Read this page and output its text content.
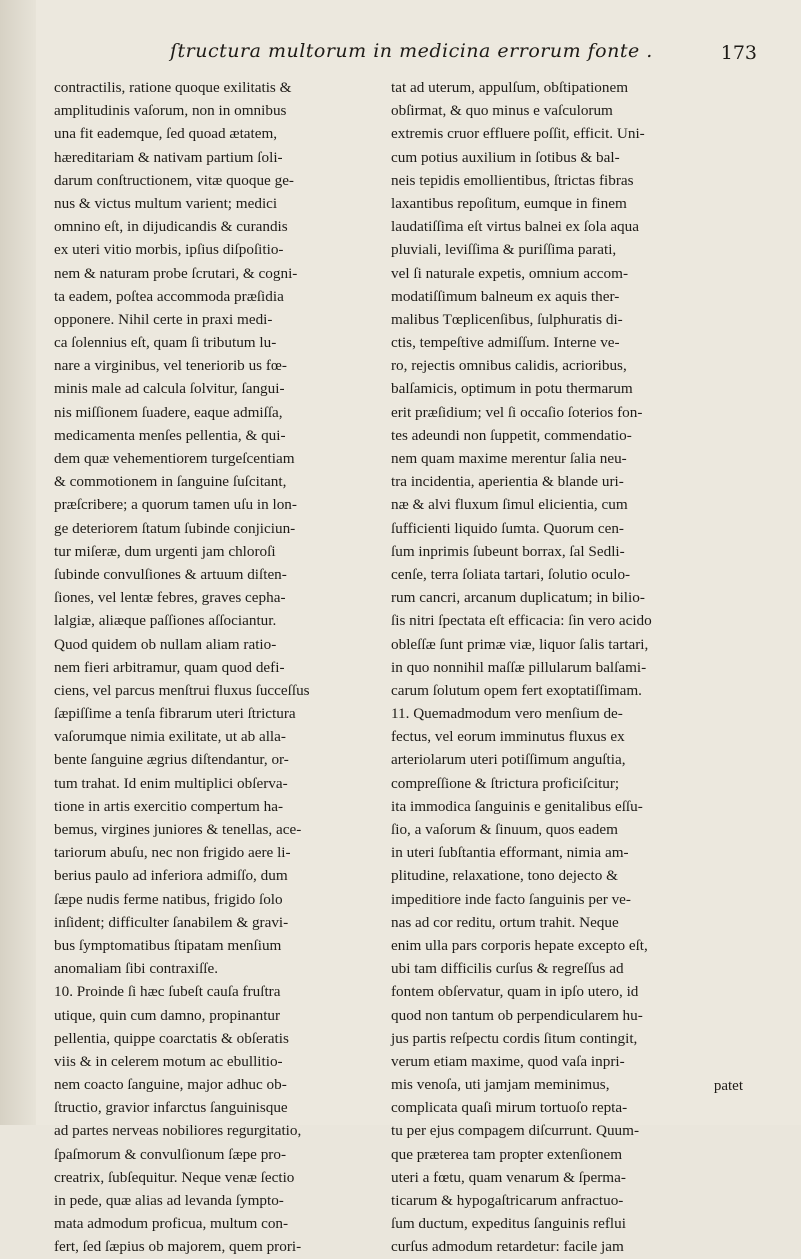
ſtructura multorum in medicina errorum fonte .	173
contractilis, ratione quoque exilitatis &
amplitudinis vaſorum, non in omnibus
una fit eademque, ſed quoad ætatem,
hæreditariam & nativam partium ſoli-
darum conſtructionem, vitæ quoque ge-
nus & victus multum varient; medici
omnino eſt, in dijudicandis & curandis
ex uteri vitio morbis, ipſius diſpoſitio-
nem & naturam probe ſcrutari, & cogni-
ta eadem, poſtea accommoda præſidia
opponere. Nihil certe in praxi medi-
ca ſolennius eſt, quam ſi tributum lu-
nare a virginibus, vel teneriorib us fœ-
minis male ad calcula ſolvitur, ſangui-
nis miſſionem ſuadere, eaque admiſſa,
medicamenta menſes pellentia, & qui-
dem quæ vehementiorem turgeſcentiam
& commotionem in ſanguine ſuſcitant,
præſcribere; a quorum tamen uſu in lon-
ge deteriorem ſtatum ſubinde conjiciun-
tur miſeræ, dum urgenti jam chloroſi
ſubinde convulſiones & artuum diſten-
ſiones, vel lentæ febres, graves cepha-
lalgiæ, aliæque paſſiones aſſociantur.
Quod quidem ob nullam aliam ratio-
nem fieri arbitramur, quam quod defi-
ciens, vel parcus menſtrui fluxus ſucceſſus
ſæpiſſime a tenſa fibrarum uteri ſtrictura
vaſorumque nimia exilitate, ut ab alla-
bente ſanguine ægrius diſtendantur, or-
tum trahat. Id enim multiplici obſerva-
tione in artis exercitio compertum ha-
bemus, virgines juniores & tenellas, ace-
tariorum abuſu, nec non frigido aere li-
berius paulo ad inferiora admiſſo, dum
ſæpe nudis ferme natibus, frigido ſolo
inſident; difficulter ſanabilem & gravi-
bus ſymptomatibus ſtipatam menſium
anomaliam ſibi contraxiſſe.
10. Proinde ſi hæc ſubeſt cauſa fruſtra
utique, quin cum damno, propinantur
pellentia, quippe coarctatis & obſeratis
viis & in celerem motum ac ebullitio-
nem coacto ſanguine, major adhuc ob-
ſtructio, gravior infarctus ſanguinisque
ad partes nerveas nobiliores regurgitatio,
ſpaſmorum & convulſionum ſæpe pro-
creatrix, ſubſequitur. Neque venæ ſectio
in pede, quæ alias ad levanda ſympto-
mata admodum proficua, multum con-
fert, ſed ſæpius ob majorem, quem prori-
tat ad uterum, appulſum, obſtipationem
obſirmat, & quo minus e vaſculorum
extremis cruor effluere poſſit, efficit. Uni-
cum potius auxilium in ſotibus & bal-
neis tepidis emollientibus, ſtrictas fibras
laxantibus repoſitum, eumque in finem
laudatiſſima eſt virtus balnei ex ſola aqua
pluviali, leviſſima & puriſſima parati,
vel ſi naturale expetis, omnium accom-
modatiſſimum balneum ex aquis ther-
malibus Tœplicenſibus, ſulphuratis di-
ctis, tempeſtive admiſſum. Interne ve-
ro, rejectis omnibus calidis, acrioribus,
balſamicis, optimum in potu thermarum
erit præſidium; vel ſi occaſio ſoterios fon-
tes adeundi non ſuppetit, commendatio-
nem quam maxime merentur ſalia neu-
tra incidentia, aperientia & blande uri-
næ & alvi fluxum ſimul elicientia, cum
ſufficienti liquido ſumta. Quorum cen-
ſum inprimis ſubeunt borrax, ſal Sedli-
cenſe, terra ſoliata tartari, ſolutio oculo-
rum cancri, arcanum duplicatum; in bilio-
ſis nitri ſpectata eſt efficacia: ſin vero acido
obleſſæ ſunt primæ viæ, liquor ſalis tartari,
in quo nonnihil maſſæ pillularum balſami-
carum ſolutum opem fert exoptatiſſimam.
11. Quemadmodum vero menſium de-
fectus, vel eorum imminutus fluxus ex
arteriolarum uteri potiſſimum anguſtia,
compreſſione & ſtrictura proficiſcitur;
ita immodica ſanguinis e genitalibus eſſu-
ſio, a vaſorum & ſinuum, quos eadem
in uteri ſubſtantia efformant, nimia am-
plitudine, relaxatione, tono dejecto &
impeditiore inde facto ſanguinis per ve-
nas ad cor reditu, ortum trahit. Neque
enim ulla pars corporis hepate excepto eſt,
ubi tam difficilis curſus & regreſſus ad
fontem obſervatur, quam in ipſo utero, id
quod non tantum ob perpendicularem hu-
jus partis reſpectu cordis ſitum contingit,
verum etiam maxime, quod vaſa inpri-
mis venoſa, uti jamjam meminimus,
complicata quaſi mirum tortuoſo repta-
tu per ejus compagem diſcurrunt. Quum-
que præterea tam propter extenſionem
uteri a fœtu, quam venarum & ſperma-
ticarum & hypogaſtricarum anfractuo-
ſum ductum, expeditus ſanguinis reflui
curſus admodum retardetur: facile jam
patet
